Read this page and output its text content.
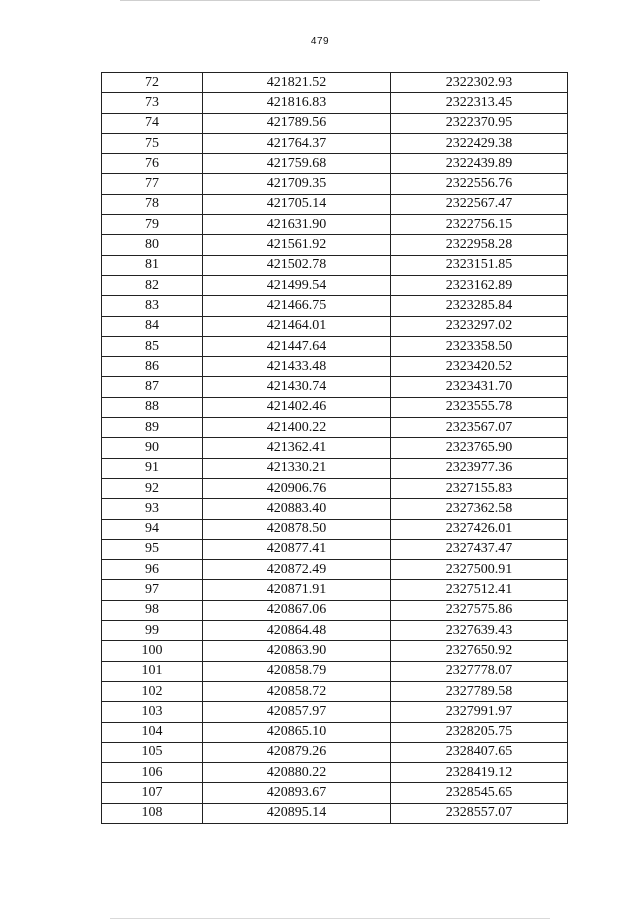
479
72	421821.52	2322302.93
73	421816.83	2322313.45
74	421789.56	2322370.95
75	421764.37	2322429.38
76	421759.68	2322439.89
77	421709.35	2322556.76
78	421705.14	2322567.47
79	421631.90	2322756.15
80	421561.92	2322958.28
81	421502.78	2323151.85
82	421499.54	2323162.89
83	421466.75	2323285.84
84	421464.01	2323297.02
85	421447.64	2323358.50
86	421433.48	2323420.52
87	421430.74	2323431.70
88	421402.46	2323555.78
89	421400.22	2323567.07
90	421362.41	2323765.90
91	421330.21	2323977.36
92	420906.76	2327155.83
93	420883.40	2327362.58
94	420878.50	2327426.01
95	420877.41	2327437.47
96	420872.49	2327500.91
97	420871.91	2327512.41
98	420867.06	2327575.86
99	420864.48	2327639.43
100	420863.90	2327650.92
101	420858.79	2327778.07
102	420858.72	2327789.58
103	420857.97	2327991.97
104	420865.10	2328205.75
105	420879.26	2328407.65
106	420880.22	2328419.12
107	420893.67	2328545.65
108	420895.14	2328557.07
